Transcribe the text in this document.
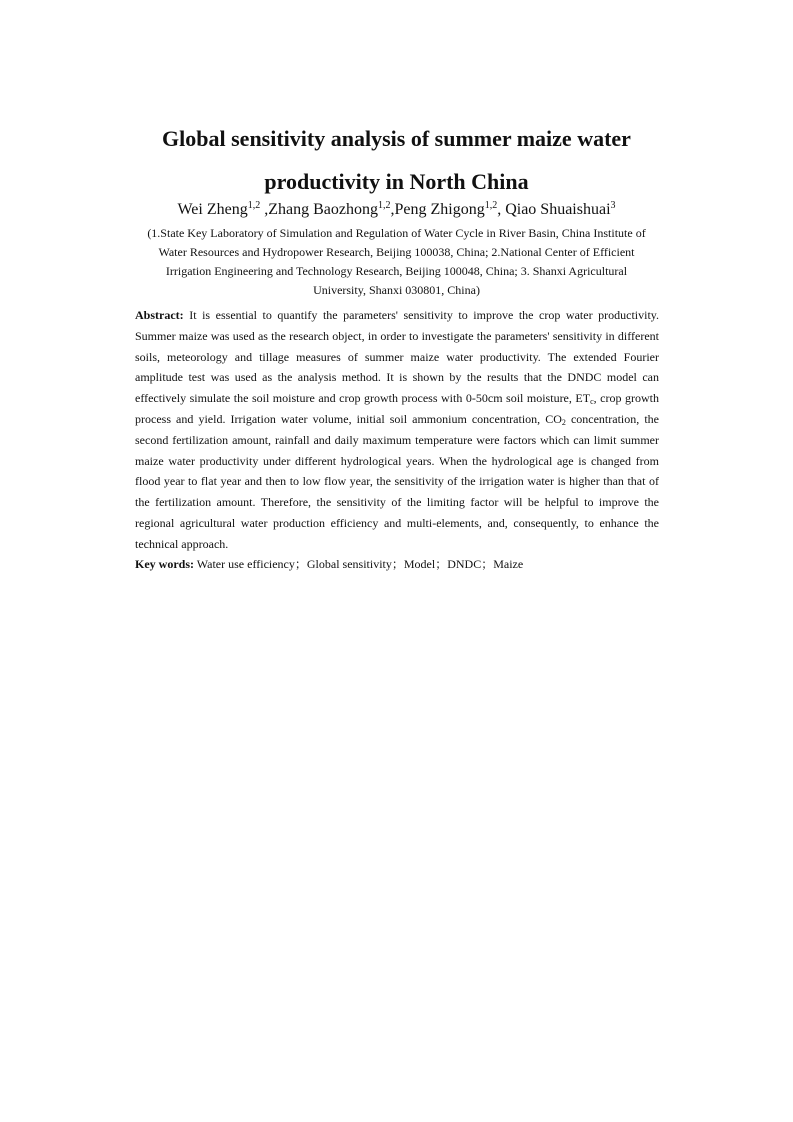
Global sensitivity analysis of summer maize water
productivity in North China
Wei Zheng$^{1,2}$ ,Zhang Baozhong$^{1,2}$,Peng Zhigong$^{1,2}$, Qiao Shuaishuai$^3$
(1.State Key Laboratory of Simulation and Regulation of Water Cycle in River Basin, China Institute of
Water Resources and Hydropower Research, Beijing 100038, China; 2.National Center of Efficient
Irrigation Engineering and Technology Research, Beijing 100048, China; 3. Shanxi Agricultural
University, Shanxi 030801, China)
Abstract: It is essential to quantify the parameters' sensitivity to improve the crop water productivity.
Summer maize was used as the research object, in order to investigate the parameters' sensitivity in different
soils, meteorology and tillage measures of summer maize water productivity. The extended Fourier
amplitude test was used as the analysis method. It is shown by the results that the DNDC model can
effectively simulate the soil moisture and crop growth process with 0-50cm soil moisture, $ET_c$, crop growth
process and yield. Irrigation water volume, initial soil ammonium concentration, $CO_2$ concentration, the
second fertilization amount, rainfall and daily maximum temperature were factors which can limit summer
maize water productivity under different hydrological years. When the hydrological age is changed from
flood year to flat year and then to low flow year, the sensitivity of the irrigation water is higher than that of
the fertilization amount. Therefore, the sensitivity of the limiting factor will be helpful to improve the
regional agricultural water production efficiency and multi-elements, and, consequently, to enhance the
technical approach.
Key words: Water use efficiency；Global sensitivity；Model；DNDC；Maize
